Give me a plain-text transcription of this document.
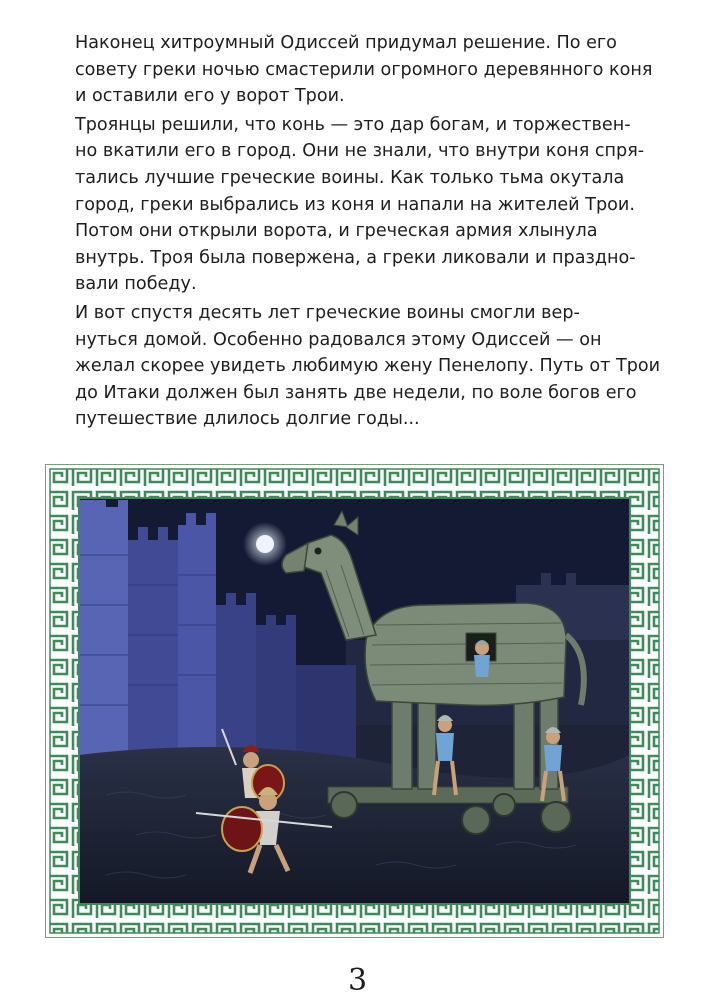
Наконец хитроумный Одиссей придумал решение. По его
совету греки ночью смастерили огромного деревянного коня
и оставили его у ворот Трои.

Троянцы решили, что конь — это дар богам, и торжествен-
но вкатили его в город. Они не знали, что внутри коня спря-
тались лучшие греческие воины. Как только тьма окутала
город, греки выбрались из коня и напали на жителей Трои.
Потом они открыли ворота, и греческая армия хлынула
внутрь. Троя была повержена, а греки ликовали и праздно-
вали победу.

И вот спустя десять лет греческие воины смогли вер-
нуться домой. Особенно радовался этому Одиссей — он
желал скорее увидеть любимую жену Пенелопу. Путь от Трои
до Итаки должен был занять две недели, по воле богов его
путешествие длилось долгие годы...

3
